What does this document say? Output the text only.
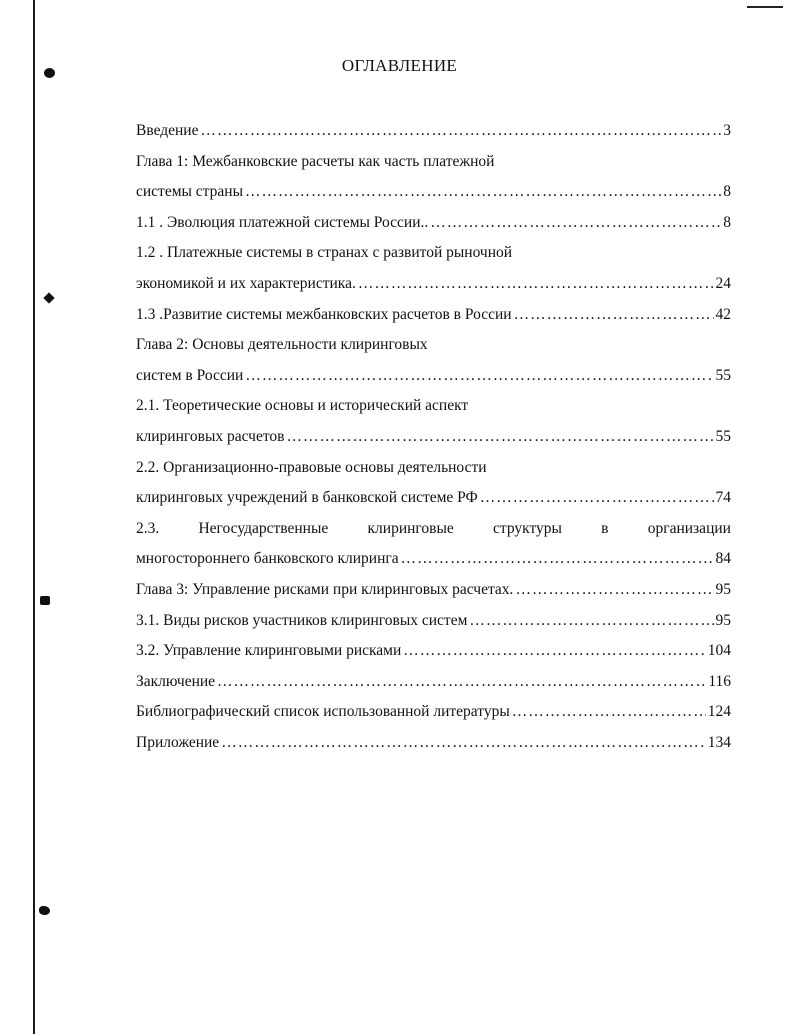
ОГЛАВЛЕНИЕ
Введение ……………………………………………………………………………………………………………………………………………………………………	3
Глава 1: Межбанковские расчеты как часть платежной
системы страны ……………………………………………………………………………………………………………………………………………………………………	8
1.1 . Эволюция платежной системы России.. ……………………………………………………………………………………………………………………………………………………………………	8
1.2 . Платежные системы в странах с развитой рыночной
экономикой и их характеристика. ……………………………………………………………………………………………………………………………………………………………………	24
1.3 .Развитие системы межбанковских расчетов в России ……………………………………………………………………………………………………………………………………………………………………	42
Глава 2: Основы деятельности клиринговых
систем в России ……………………………………………………………………………………………………………………………………………………………………	55
2.1. Теоретические основы и исторический аспект
клиринговых расчетов ……………………………………………………………………………………………………………………………………………………………………	55
2.2. Организационно-правовые основы деятельности
клиринговых учреждений в банковской системе РФ ……………………………………………………………………………………………………………………………………………………………………	74
2.3.	Негосударственные	клиринговые	структуры	в	организации
многостороннего банковского клиринга ……………………………………………………………………………………………………………………………………………………………………	84
Глава 3: Управление рисками при клиринговых расчетах. ……………………………………………………………………………………………………………………………………………………………………	95
3.1. Виды рисков участников клиринговых систем ……………………………………………………………………………………………………………………………………………………………………	95
3.2. Управление клиринговыми рисками ……………………………………………………………………………………………………………………………………………………………………	104
Заключение ……………………………………………………………………………………………………………………………………………………………………	116
Библиографический список использованной литературы ……………………………………………………………………………………………………………………………………………………………………	124
Приложение ……………………………………………………………………………………………………………………………………………………………………	134
